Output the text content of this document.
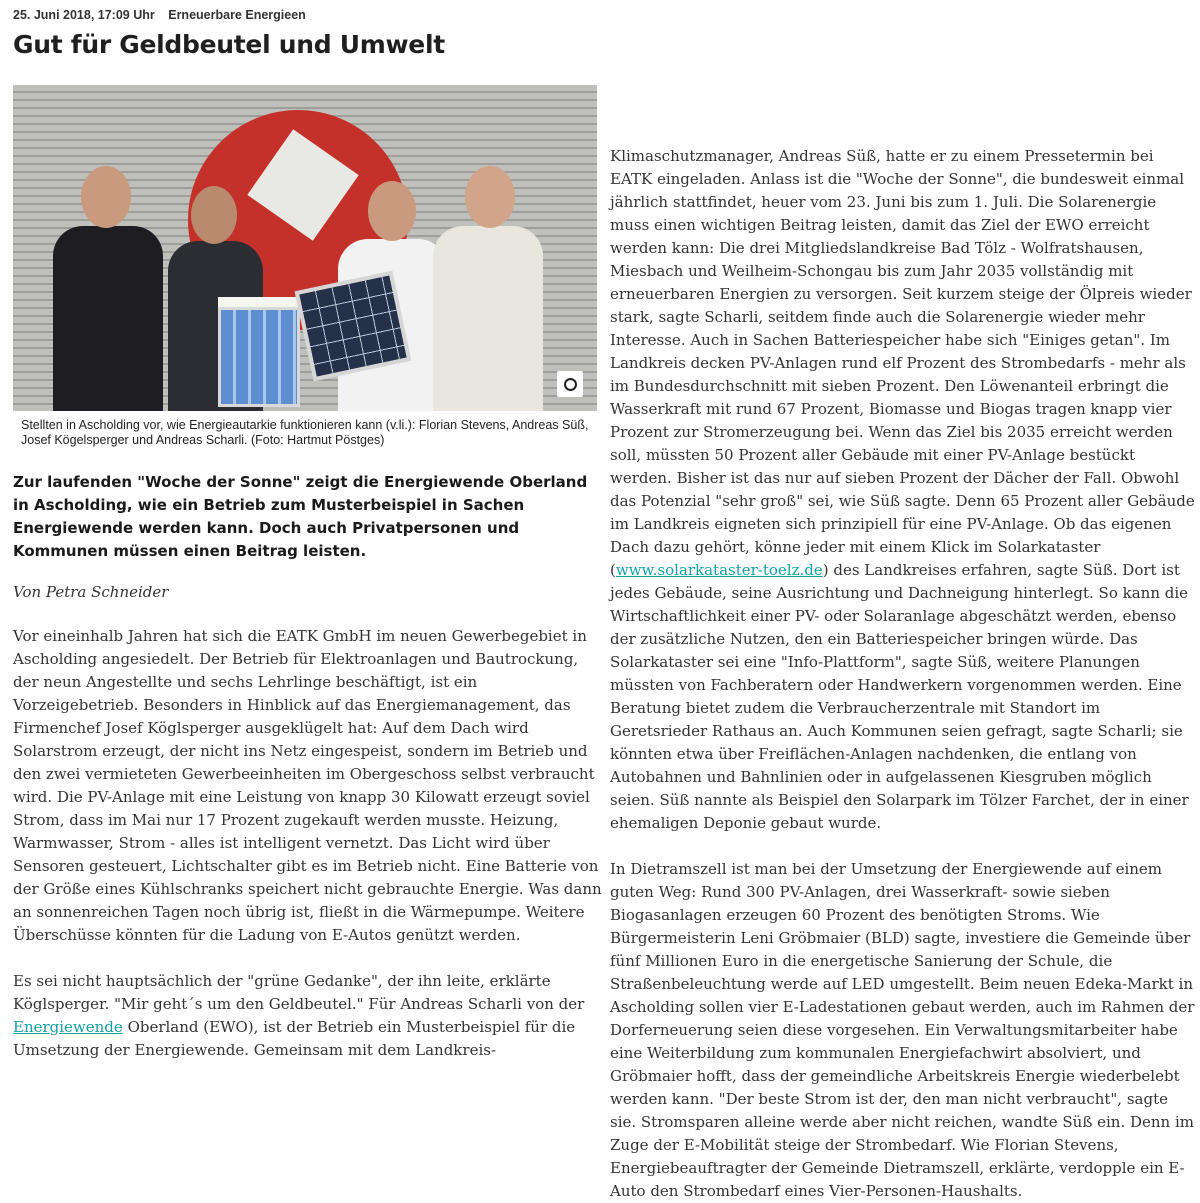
25. Juni 2018, 17:09 Uhr Erneuerbare Energieen
Gut für Geldbeutel und Umwelt
Stellten in Ascholding vor, wie Energieautarkie funktionieren kann (v.li.): Florian Stevens, Andreas Süß, Josef Kögelsperger und Andreas Scharli. (Foto: Hartmut Pöstges)
Zur laufenden "Woche der Sonne" zeigt die Energiewende Oberland in Ascholding, wie ein Betrieb zum Musterbeispiel in Sachen Energiewende werden kann. Doch auch Privatpersonen und Kommunen müssen einen Beitrag leisten.
Von Petra Schneider

Vor eineinhalb Jahren hat sich die EATK GmbH im neuen Gewerbegebiet in Ascholding angesiedelt. Der Betrieb für Elektroanlagen und Bautrockung, der neun Angestellte und sechs Lehrlinge beschäftigt, ist ein Vorzeigebetrieb. Besonders in Hinblick auf das Energiemanagement, das Firmenchef Josef Köglsperger ausgeklügelt hat: Auf dem Dach wird Solarstrom erzeugt, der nicht ins Netz eingespeist, sondern im Betrieb und den zwei vermieteten Gewerbeeinheiten im Obergeschoss selbst verbraucht wird. Die PV-Anlage mit eine Leistung von knapp 30 Kilowatt erzeugt soviel Strom, dass im Mai nur 17 Prozent zugekauft werden musste. Heizung, Warmwasser, Strom - alles ist intelligent vernetzt. Das Licht wird über Sensoren gesteuert, Lichtschalter gibt es im Betrieb nicht. Eine Batterie von der Größe eines Kühlschranks speichert nicht gebrauchte Energie. Was dann an sonnenreichen Tagen noch übrig ist, fließt in die Wärmepumpe. Weitere Überschüsse könnten für die Ladung von E-Autos genützt werden.

Es sei nicht hauptsächlich der "grüne Gedanke", der ihn leite, erklärte Köglsperger. "Mir geht´s um den Geldbeutel." Für Andreas Scharli von der Energiewende Oberland (EWO), ist der Betrieb ein Musterbeispiel für die Umsetzung der Energiewende. Gemeinsam mit dem Landkreis-

Klimaschutzmanager, Andreas Süß, hatte er zu einem Pressetermin bei EATK eingeladen. Anlass ist die "Woche der Sonne", die bundesweit einmal jährlich stattfindet, heuer vom 23. Juni bis zum 1. Juli. Die Solarenergie muss einen wichtigen Beitrag leisten, damit das Ziel der EWO erreicht werden kann: Die drei Mitgliedslandkreise Bad Tölz - Wolfratshausen, Miesbach und Weilheim-Schongau bis zum Jahr 2035 vollständig mit erneuerbaren Energien zu versorgen. Seit kurzem steige der Ölpreis wieder stark, sagte Scharli, seitdem finde auch die Solarenergie wieder mehr Interesse. Auch in Sachen Batteriespeicher habe sich "Einiges getan". Im Landkreis decken PV-Anlagen rund elf Prozent des Strombedarfs - mehr als im Bundesdurchschnitt mit sieben Prozent. Den Löwenanteil erbringt die Wasserkraft mit rund 67 Prozent, Biomasse und Biogas tragen knapp vier Prozent zur Stromerzeugung bei. Wenn das Ziel bis 2035 erreicht werden soll, müssten 50 Prozent aller Gebäude mit einer PV-Anlage bestückt werden. Bisher ist das nur auf sieben Prozent der Dächer der Fall. Obwohl das Potenzial "sehr groß" sei, wie Süß sagte. Denn 65 Prozent aller Gebäude im Landkreis eigneten sich prinzipiell für eine PV-Anlage. Ob das eigenen Dach dazu gehört, könne jeder mit einem Klick im Solarkataster (www.solarkataster-toelz.de) des Landkreises erfahren, sagte Süß. Dort ist jedes Gebäude, seine Ausrichtung und Dachneigung hinterlegt. So kann die Wirtschaftlichkeit einer PV- oder Solaranlage abgeschätzt werden, ebenso der zusätzliche Nutzen, den ein Batteriespeicher bringen würde. Das Solarkataster sei eine "Info-Plattform", sagte Süß, weitere Planungen müssten von Fachberatern oder Handwerkern vorgenommen werden. Eine Beratung bietet zudem die Verbraucherzentrale mit Standort im Geretsrieder Rathaus an. Auch Kommunen seien gefragt, sagte Scharli; sie könnten etwa über Freiflächen-Anlagen nachdenken, die entlang von Autobahnen und Bahnlinien oder in aufgelassenen Kiesgruben möglich seien. Süß nannte als Beispiel den Solarpark im Tölzer Farchet, der in einer ehemaligen Deponie gebaut wurde.

In Dietramszell ist man bei der Umsetzung der Energiewende auf einem guten Weg: Rund 300 PV-Anlagen, drei Wasserkraft- sowie sieben Biogasanlagen erzeugen 60 Prozent des benötigten Stroms. Wie Bürgermeisterin Leni Gröbmaier (BLD) sagte, investiere die Gemeinde über fünf Millionen Euro in die energetische Sanierung der Schule, die Straßenbeleuchtung werde auf LED umgestellt. Beim neuen Edeka-Markt in Ascholding sollen vier E-Ladestationen gebaut werden, auch im Rahmen der Dorferneuerung seien diese vorgesehen. Ein Verwaltungsmitarbeiter habe eine Weiterbildung zum kommunalen Energiefachwirt absolviert, und Gröbmaier hofft, dass der gemeindliche Arbeitskreis Energie wiederbelebt werden kann. "Der beste Strom ist der, den man nicht verbraucht", sagte sie. Stromsparen alleine werde aber nicht reichen, wandte Süß ein. Denn im Zuge der E-Mobilität steige der Strombedarf. Wie Florian Stevens, Energiebeauftragter der Gemeinde Dietramszell, erklärte, verdopple ein E-Auto den Strombedarf eines Vier-Personen-Haushalts.
